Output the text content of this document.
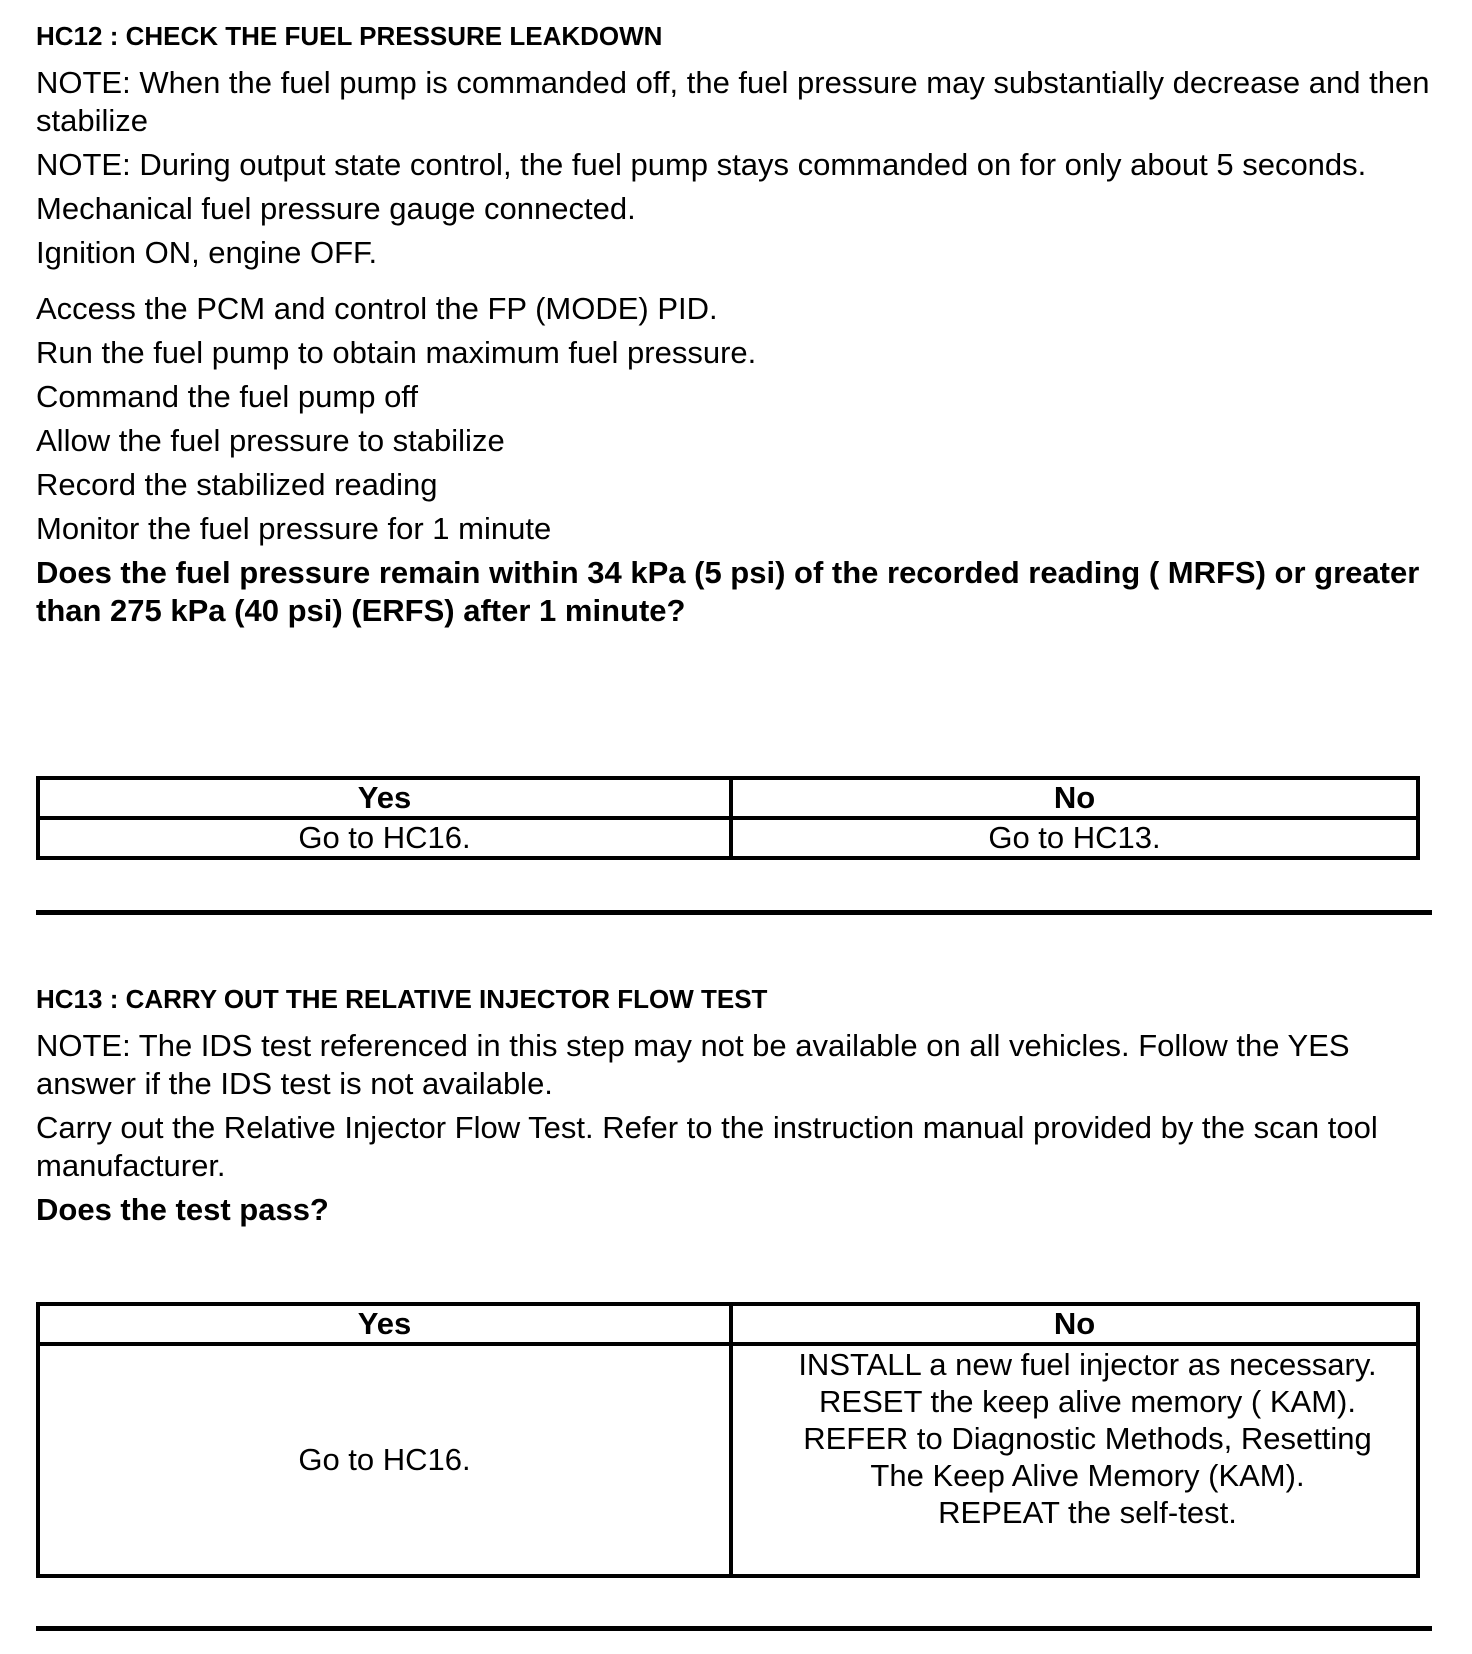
HC12 : CHECK THE FUEL PRESSURE LEAKDOWN

NOTE: When the fuel pump is commanded off, the fuel pressure may substantially decrease and then stabilize

NOTE: During output state control, the fuel pump stays commanded on for only about 5 seconds.

Mechanical fuel pressure gauge connected.

Ignition ON, engine OFF.

Access the PCM and control the FP (MODE) PID.

Run the fuel pump to obtain maximum fuel pressure.

Command the fuel pump off

Allow the fuel pressure to stabilize

Record the stabilized reading

Monitor the fuel pressure for 1 minute

Does the fuel pressure remain within 34 kPa (5 psi) of the recorded reading ( MRFS) or greater than 275 kPa (40 psi) (ERFS) after 1 minute?

Yes	No
Go to HC16.	Go to HC13.

HC13 : CARRY OUT THE RELATIVE INJECTOR FLOW TEST

NOTE: The IDS test referenced in this step may not be available on all vehicles. Follow the YES answer if the IDS test is not available.

Carry out the Relative Injector Flow Test. Refer to the instruction manual provided by the scan tool manufacturer.

Does the test pass?

Yes	No
Go to HC16.	INSTALL a new fuel injector as necessary.
RESET the keep alive memory ( KAM).
REFER to Diagnostic Methods, Resetting
The Keep Alive Memory (KAM).
REPEAT the self-test.
